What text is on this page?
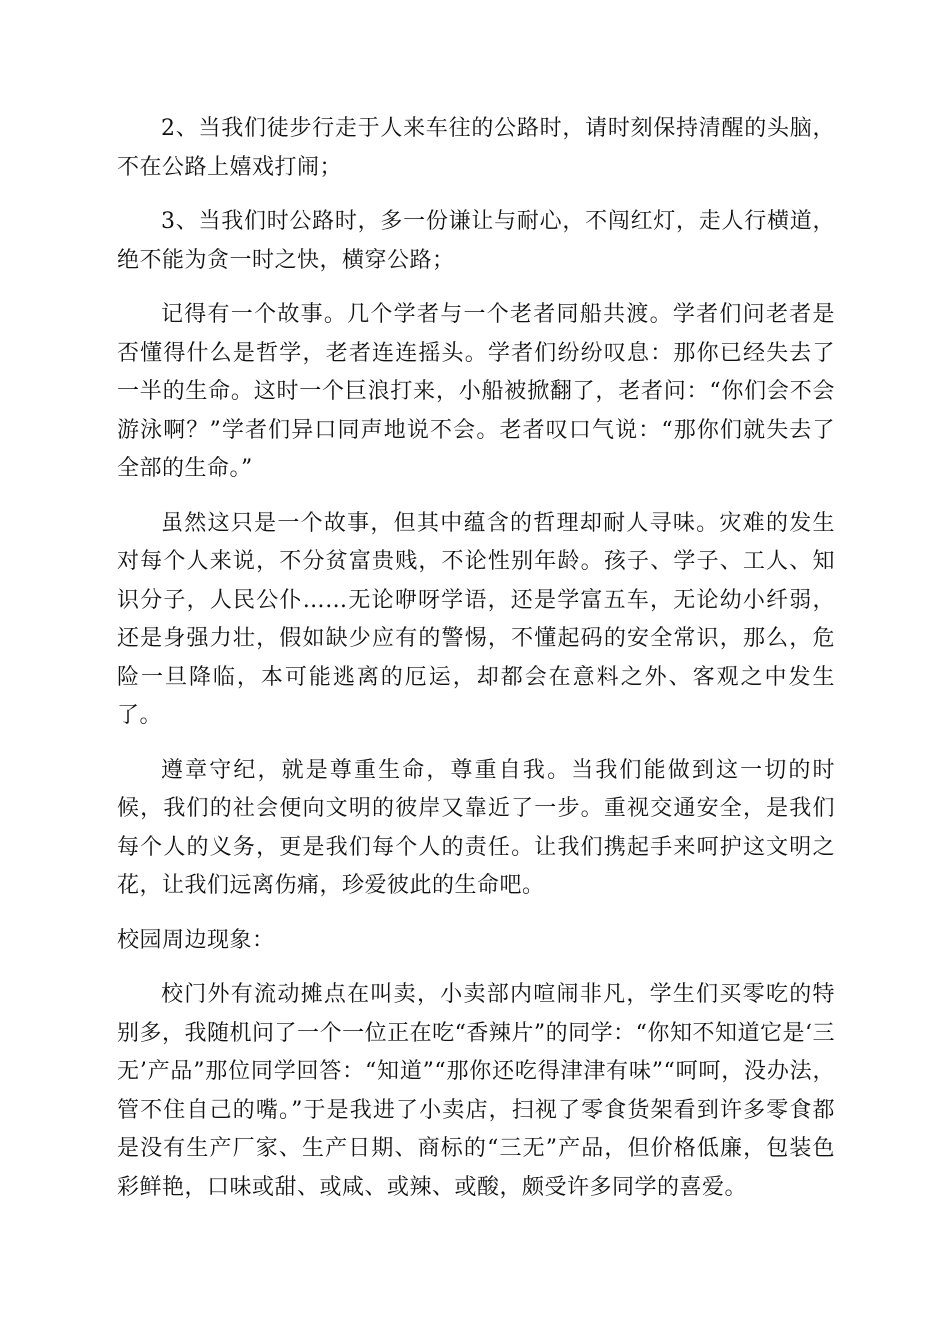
2、当我们徒步行走于人来车往的公路时，请时刻保持清醒的头脑，不在公路上嬉戏打闹；

3、当我们时公路时，多一份谦让与耐心，不闯红灯，走人行横道，绝不能为贪一时之快，横穿公路；

记得有一个故事。几个学者与一个老者同船共渡。学者们问老者是否懂得什么是哲学，老者连连摇头。学者们纷纷叹息：那你已经失去了一半的生命。这时一个巨浪打来，小船被掀翻了，老者问：“你们会不会游泳啊？”学者们异口同声地说不会。老者叹口气说：“那你们就失去了全部的生命。”

虽然这只是一个故事，但其中蕴含的哲理却耐人寻味。灾难的发生对每个人来说，不分贫富贵贱，不论性别年龄。孩子、学子、工人、知识分子，人民公仆……无论咿呀学语，还是学富五车，无论幼小纤弱，还是身强力壮，假如缺少应有的警惕，不懂起码的安全常识，那么，危险一旦降临，本可能逃离的厄运，却都会在意料之外、客观之中发生了。

遵章守纪，就是尊重生命，尊重自我。当我们能做到这一切的时候，我们的社会便向文明的彼岸又靠近了一步。重视交通安全，是我们每个人的义务，更是我们每个人的责任。让我们携起手来呵护这文明之花，让我们远离伤痛，珍爱彼此的生命吧。

校园周边现象：

校门外有流动摊点在叫卖，小卖部内喧闹非凡，学生们买零吃的特别多，我随机问了一个一位正在吃“香辣片”的同学：“你知不知道它是‘三无’产品”那位同学回答：“知道”“那你还吃得津津有味”“呵呵，没办法，管不住自己的嘴。”于是我进了小卖店，扫视了零食货架看到许多零食都是没有生产厂家、生产日期、商标的“三无”产品，但价格低廉，包装色彩鲜艳，口味或甜、或咸、或辣、或酸，颇受许多同学的喜爱。
